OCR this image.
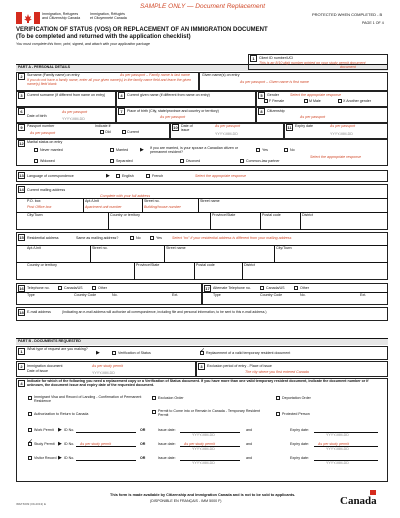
Immigration, Refugees
and Citizenship Canada
Immigration, Réfugiés
et Citoyenneté Canada
SAMPLE ONLY — Document Replacement
PROTECTED WHEN COMPLETED - B
PAGE 1 OF 4
VERIFICATION OF STATUS (VOS) OR REPLACEMENT OF AN IMMIGRATION DOCUMENT
(To be completed and returned with the application checklist)
You must complete this form, print, signed, and attach with your application package
PART A - PERSONAL DETAILS
1	Client ID number/UCI
This is an 8/10 digit number printed on your study permit document
document
2	Surname (Family name) on entry	As per passport – Family name is last name
If you do not have a family name, enter all your given name(s) in the family name field and leave the given name(s) field blank
Given name(s) on entry
As per passport – Given name is first name
3	Current surname (if different from name on entry)	4	Current given name (if different from name on entry)	5	Gender	Select the appropriate response
F Female	M Male	X Another gender
6
Date of birth
As per passport
YYYY-MM-DD
7	Place of birth (City, state/province and country or territory)
As per passport
8	Citizenship
As per passport
9	Passport number	Indicate if:
As per passport	Old	Current
10 Date of issue
As per passport
YYYY-MM-DD
11 Expiry date	As per passport
YYYY-MM-DD
12 Marital status on entry
Never married	Married ▶ If you are married, is your spouse a Canadian citizen or permanent resident?
Yes	No
Select the appropriate response
Widowed	Separated	Divorced	Common-law partner
13 Language of correspondence	▶	English	French	Select the appropriate response
14 Current mailing address
Complete with your full address
P.O. box	Apt./Unit	Street no.	Street name
Post Office box	Apartment unit number	Building/house number
City/Town	Country or territory	Province/State	Postal code	District
15 Residential address	Same as mailing address?	No	Yes	Select "no" if your residential address is different from your mailing address
Apt./Unit	Street no.	Street name	City/Town
Country or territory	Province/State	Postal code	District
16 Telephone no.	Canada/US	Other
Type	Country Code	No.	Ext.
17 Alternate Telephone no.	Canada/US	Other
Type	Country Code	No.	Ext.
18 E-mail address	(Indicating an e-mail address will authorize all correspondence, including file and personal information, to be sent to this e-mail address.)
PART B - DOCUMENTS REQUESTED
1	What type of request are you making?
▶	Verification of Status	✓ Replacement of a valid temporary resident document
2	Immigration document
Date of issue
As per study permit
YYYY-MM-DD
3	Exclusion period of entry - Place of issue
The city where you first entered Canada
4	Indicate for which of the following you need a replacement copy or a Verification of Status document. If you have more than one valid temporary resident document, indicate the document number or if unknown, the document issue and expiry date of the requested document.
Immigrant Visa and Record of Landing - Confirmation of Permanent Residence
Exclusion Order	Deportation Order
Authorization to Return to Canada
Permit to Come into or Remain in Canada - Temporary Resident Permit	Protected Person
Work Permit ▶ ID No.	OR	Issue date:
YYYY-MM-DD
and	Expiry date:
YYYY-MM-DD
✓ Study Permit ▶ ID No.	OR	Issue date:
YYYY-MM-DD
and	Expiry date:
YYYY-MM-DD
As per study permit	As per study permit	As per study permit
Visitor Record ▶ ID No.	OR	Issue date:
YYYY-MM-DD
and	Expiry date:
YYYY-MM-DD
This form is made available by Citizenship and Immigration Canada and is not to be sold to applicants.
(DISPONIBLE EN FRANÇAIS - IMM 5000 F)
IMM 5009 (09-2013) E	Canada
